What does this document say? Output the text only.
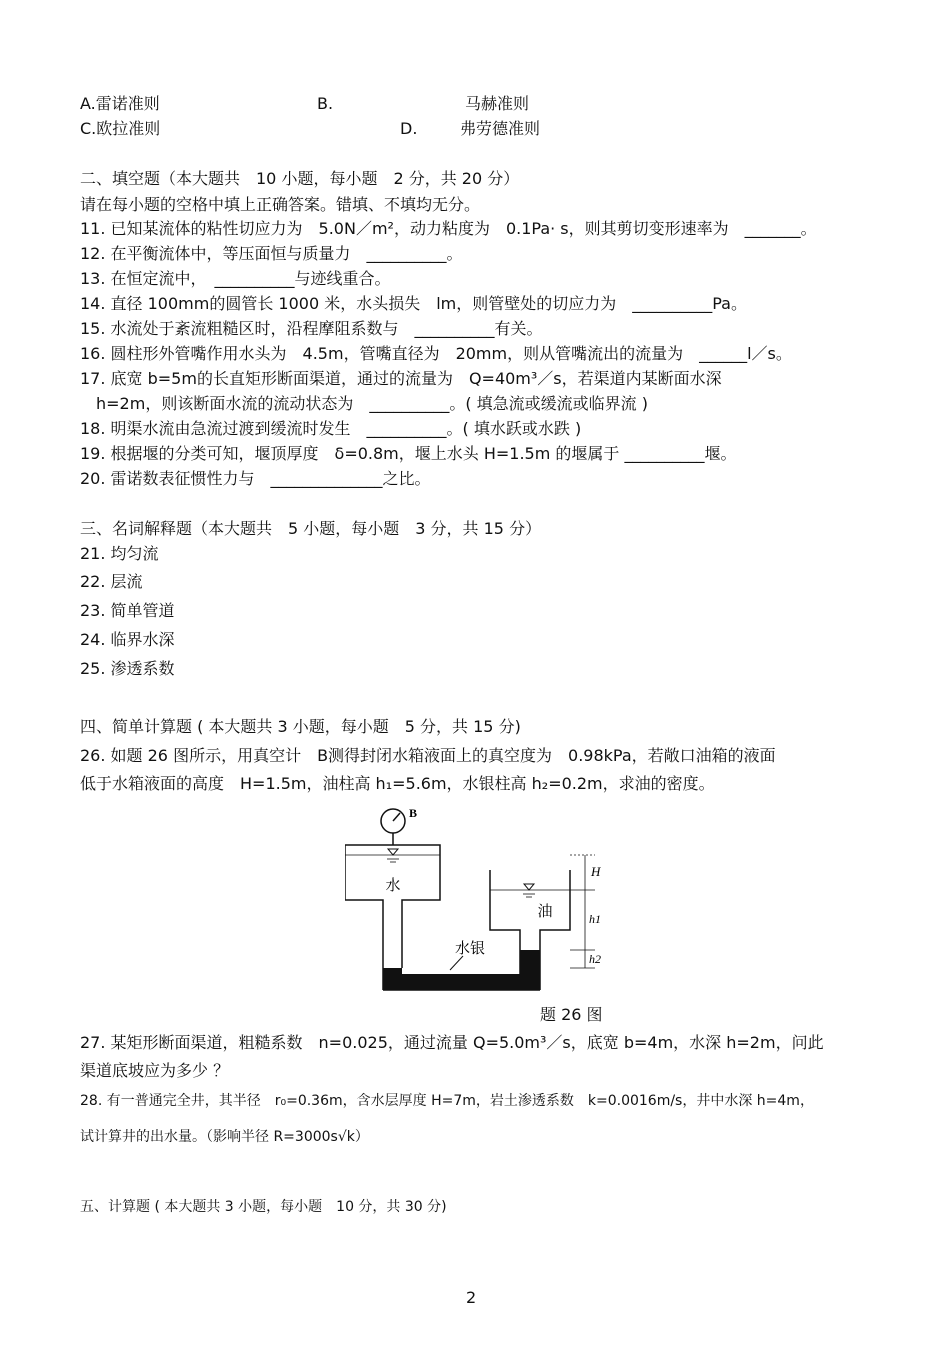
A.雷诺准则	B.	马赫准则
C.欧拉准则	D.	弗劳德准则
二、填空题（本大题共　10 小题，每小题　2 分，共 20 分）
请在每小题的空格中填上正确答案。错填、不填均无分。
11. 已知某流体的粘性切应力为　5.0N／m²，动力粘度为　0.1Pa· s，则其剪切变形速率为　_______。
12. 在平衡流体中，等压面恒与质量力　__________。
13. 在恒定流中，　__________与迹线重合。
14. 直径 100mm的圆管长 1000 米，水头损失　lm，则管壁处的切应力为　__________Pa。
15. 水流处于紊流粗糙区时，沿程摩阻系数与　__________有关。
16. 圆柱形外管嘴作用水头为　4.5m，管嘴直径为　20mm，则从管嘴流出的流量为　______l／s。
17. 底宽 b=5m的长直矩形断面渠道，通过的流量为　Q=40m³／s，若渠道内某断面水深
　h=2m，则该断面水流的流动状态为　__________。( 填急流或缓流或临界流 )
18. 明渠水流由急流过渡到缓流时发生　__________。( 填水跃或水跌 )
19. 根据堰的分类可知，堰顶厚度　δ=0.8m，堰上水头 H=1.5m 的堰属于 __________堰。
20. 雷诺数表征惯性力与　______________之比。
三、名词解释题（本大题共　5 小题，每小题　3 分，共 15 分）
21. 均匀流
22. 层流
23. 简单管道
24. 临界水深
25. 渗透系数
四、简单计算题 ( 本大题共 3 小题，每小题　5 分，共 15 分)
26. 如题 26 图所示，用真空计　B测得封闭水箱液面上的真空度为　0.98kPa，若敞口油箱的液面
低于水箱液面的高度　H=1.5m，油柱高 h₁=5.6m，水银柱高 h₂=0.2m，求油的密度。
B
水
油
水银
H
h1
h2
题 26 图
27. 某矩形断面渠道，粗糙系数　n=0.025，通过流量 Q=5.0m³／s，底宽 b=4m，水深 h=2m，问此
渠道底坡应为多少 ？
28. 有一普通完全井，其半径　r₀=0.36m，含水层厚度 H=7m，岩土渗透系数　k=0.0016m/s，井中水深 h=4m，
试计算井的出水量。（影响半径 R=3000s√k）
五、计算题 ( 本大题共 3 小题，每小题　10 分，共 30 分)
2
